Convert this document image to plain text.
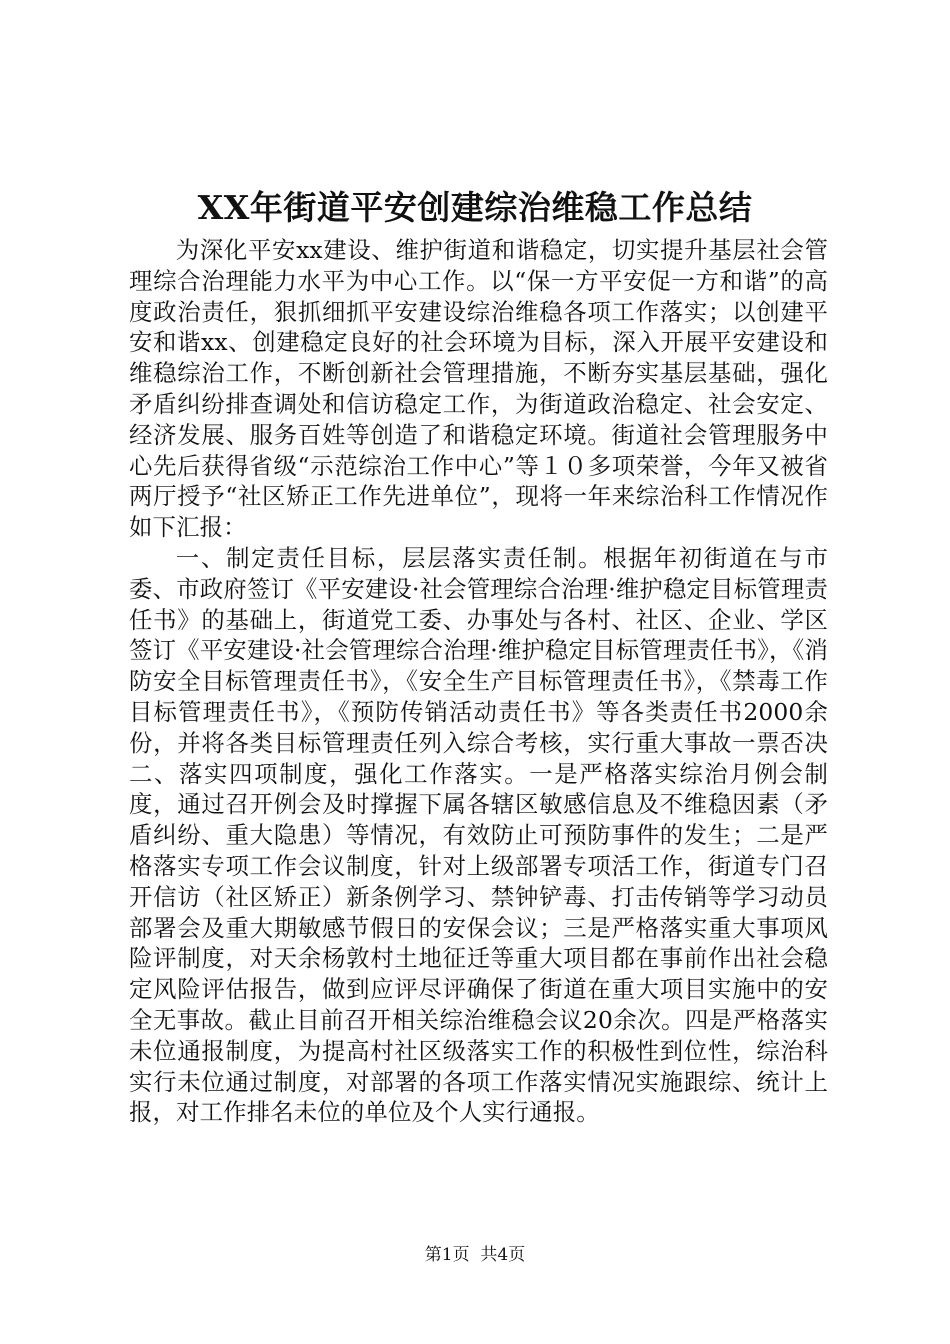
XX年街道平安创建综治维稳工作总结

为深化平安xx建设、维护街道和谐稳定，切实提升基层社会管理综合治理能力水平为中心工作。以“保一方平安促一方和谐”的高度政治责任，狠抓细抓平安建设综治维稳各项工作落实；以创建平安和谐xx、创建稳定良好的社会环境为目标，深入开展平安建设和维稳综治工作，不断创新社会管理措施，不断夯实基层基础，强化矛盾纠纷排查调处和信访稳定工作，为街道政治稳定、社会安定、经济发展、服务百姓等创造了和谐稳定环境。街道社会管理服务中心先后获得省级“示范综治工作中心”等１０多项荣誉，今年又被省两厅授予“社区矫正工作先进单位”，现将一年来综治科工作情况作如下汇报：

一、制定责任目标，层层落实责任制。根据年初街道在与市委、市政府签订《平安建设·社会管理综合治理·维护稳定目标管理责任书》的基础上，街道党工委、办事处与各村、社区、企业、学区签订《平安建设·社会管理综合治理·维护稳定目标管理责任书》，《消防安全目标管理责任书》，《安全生产目标管理责任书》，《禁毒工作目标管理责任书》，《预防传销活动责任书》等各类责任书2000余份，并将各类目标管理责任列入综合考核，实行重大事故一票否决二、落实四项制度，强化工作落实。一是严格落实综治月例会制度，通过召开例会及时撑握下属各辖区敏感信息及不维稳因素（矛盾纠纷、重大隐患）等情况，有效防止可预防事件的发生；二是严格落实专项工作会议制度，针对上级部署专项活工作，街道专门召开信访（社区矫正）新条例学习、禁钟铲毒、打击传销等学习动员部署会及重大期敏感节假日的安保会议；三是严格落实重大事项风险评制度，对天余杨敦村土地征迁等重大项目都在事前作出社会稳定风险评估报告，做到应评尽评确保了街道在重大项目实施中的安全无事故。截止目前召开相关综治维稳会议20余次。四是严格落实未位通报制度，为提高村社区级落实工作的积极性到位性，综治科实行未位通过制度，对部署的各项工作落实情况实施跟综、统计上报，对工作排名未位的单位及个人实行通报。

第1页 共4页
